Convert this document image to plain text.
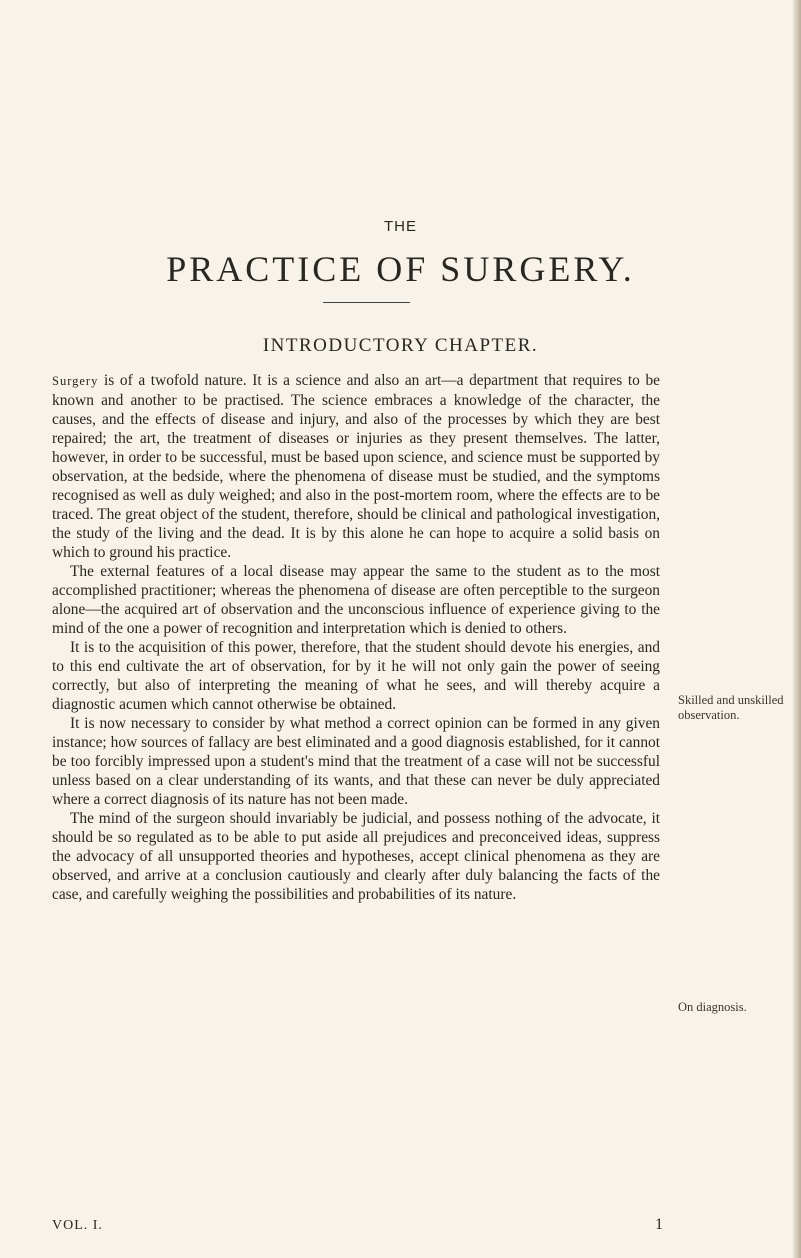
THE
PRACTICE OF SURGERY.
INTRODUCTORY CHAPTER.

Surgery is of a twofold nature. It is a science and also an art—a department that requires to be known and another to be practised. The science embraces a knowledge of the character, the causes, and the effects of disease and injury, and also of the processes by which they are best repaired; the art, the treatment of diseases or injuries as they present themselves. The latter, however, in order to be successful, must be based upon science, and science must be supported by observation, at the bedside, where the phenomena of disease must be studied, and the symptoms recognised as well as duly weighed; and also in the post-mortem room, where the effects are to be traced. The great object of the student, therefore, should be clinical and pathological investigation, the study of the living and the dead. It is by this alone he can hope to acquire a solid basis on which to ground his practice.

The external features of a local disease may appear the same to the student as to the most accomplished practitioner; whereas the phenomena of disease are often perceptible to the surgeon alone—the acquired art of observation and the unconscious influence of experience giving to the mind of the one a power of recognition and interpretation which is denied to others.

It is to the acquisition of this power, therefore, that the student should devote his energies, and to this end cultivate the art of observation, for by it he will not only gain the power of seeing correctly, but also of interpreting the meaning of what he sees, and will thereby acquire a diagnostic acumen which cannot otherwise be obtained.

It is now necessary to consider by what method a correct opinion can be formed in any given instance; how sources of fallacy are best eliminated and a good diagnosis established, for it cannot be too forcibly impressed upon a student's mind that the treatment of a case will not be successful unless based on a clear understanding of its wants, and that these can never be duly appreciated where a correct diagnosis of its nature has not been made.

The mind of the surgeon should invariably be judicial, and possess nothing of the advocate, it should be so regulated as to be able to put aside all prejudices and preconceived ideas, suppress the advocacy of all unsupported theories and hypotheses, accept clinical phenomena as they are observed, and arrive at a conclusion cautiously and clearly after duly balancing the facts of the case, and carefully weighing the possibilities and probabilities of its nature.

Skilled and unskilled observation.
On diagnosis.
VOL. I.	1
